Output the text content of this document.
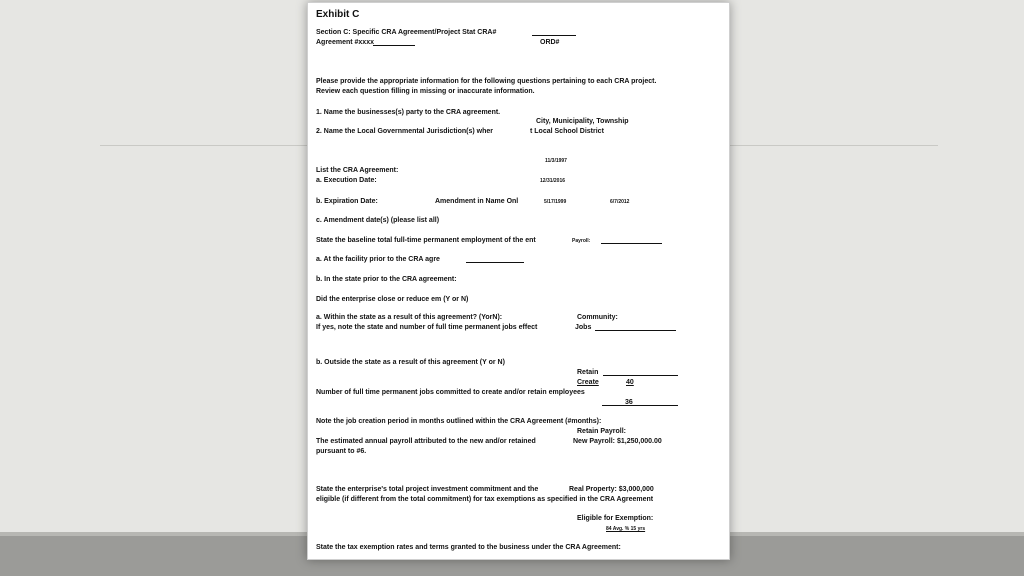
Exhibit C
Section C: Specific CRA Agreement/Project Stat CRA#
Agreement #xxxx	ORD#
Please provide the appropriate information for the following questions pertaining to each CRA project.
Review each question filling in missing or inaccurate information.
1. Name the businesses(s) party to the CRA agreement.
City, Municipality, Township
2. Name the Local Governmental Jurisdiction(s) wher	t Local School District
11/3/1997
List the CRA Agreement:
a. Execution Date:	12/31/2016
b. Expiration Date:	Amendment in Name Onl	5/17/1999	6/7/2012
c. Amendment date(s) (please list all)
State the baseline total full-time permanent employment of the ent	Payroll:
a. At the facility prior to the CRA agre
b. In the state prior to the CRA agreement:
Did the enterprise close or reduce em (Y or N)
a. Within the state as a result of this agreement? (YorN):	Community:
If yes, note the state and number of full time permanent jobs effect	Jobs
b. Outside the state as a result of this agreement (Y or N)
Retain
Create	40
Number of full time permanent jobs committed to create and/or retain employees
36
Note the job creation period in months outlined within the CRA Agreement (#months):
Retain Payroll:
The estimated annual payroll attributed to the new and/or retained	New Payroll: $1,250,000.00
pursuant to #6.
State the enterprise's total project investment commitment and the	Real Property: $3,000,000
eligible (if different from the total commitment) for tax exemptions as specified in the CRA Agreement
Eligible for Exemption:
84 Avg. % 15 yrs
State the tax exemption rates and terms granted to the business under the CRA Agreement:
